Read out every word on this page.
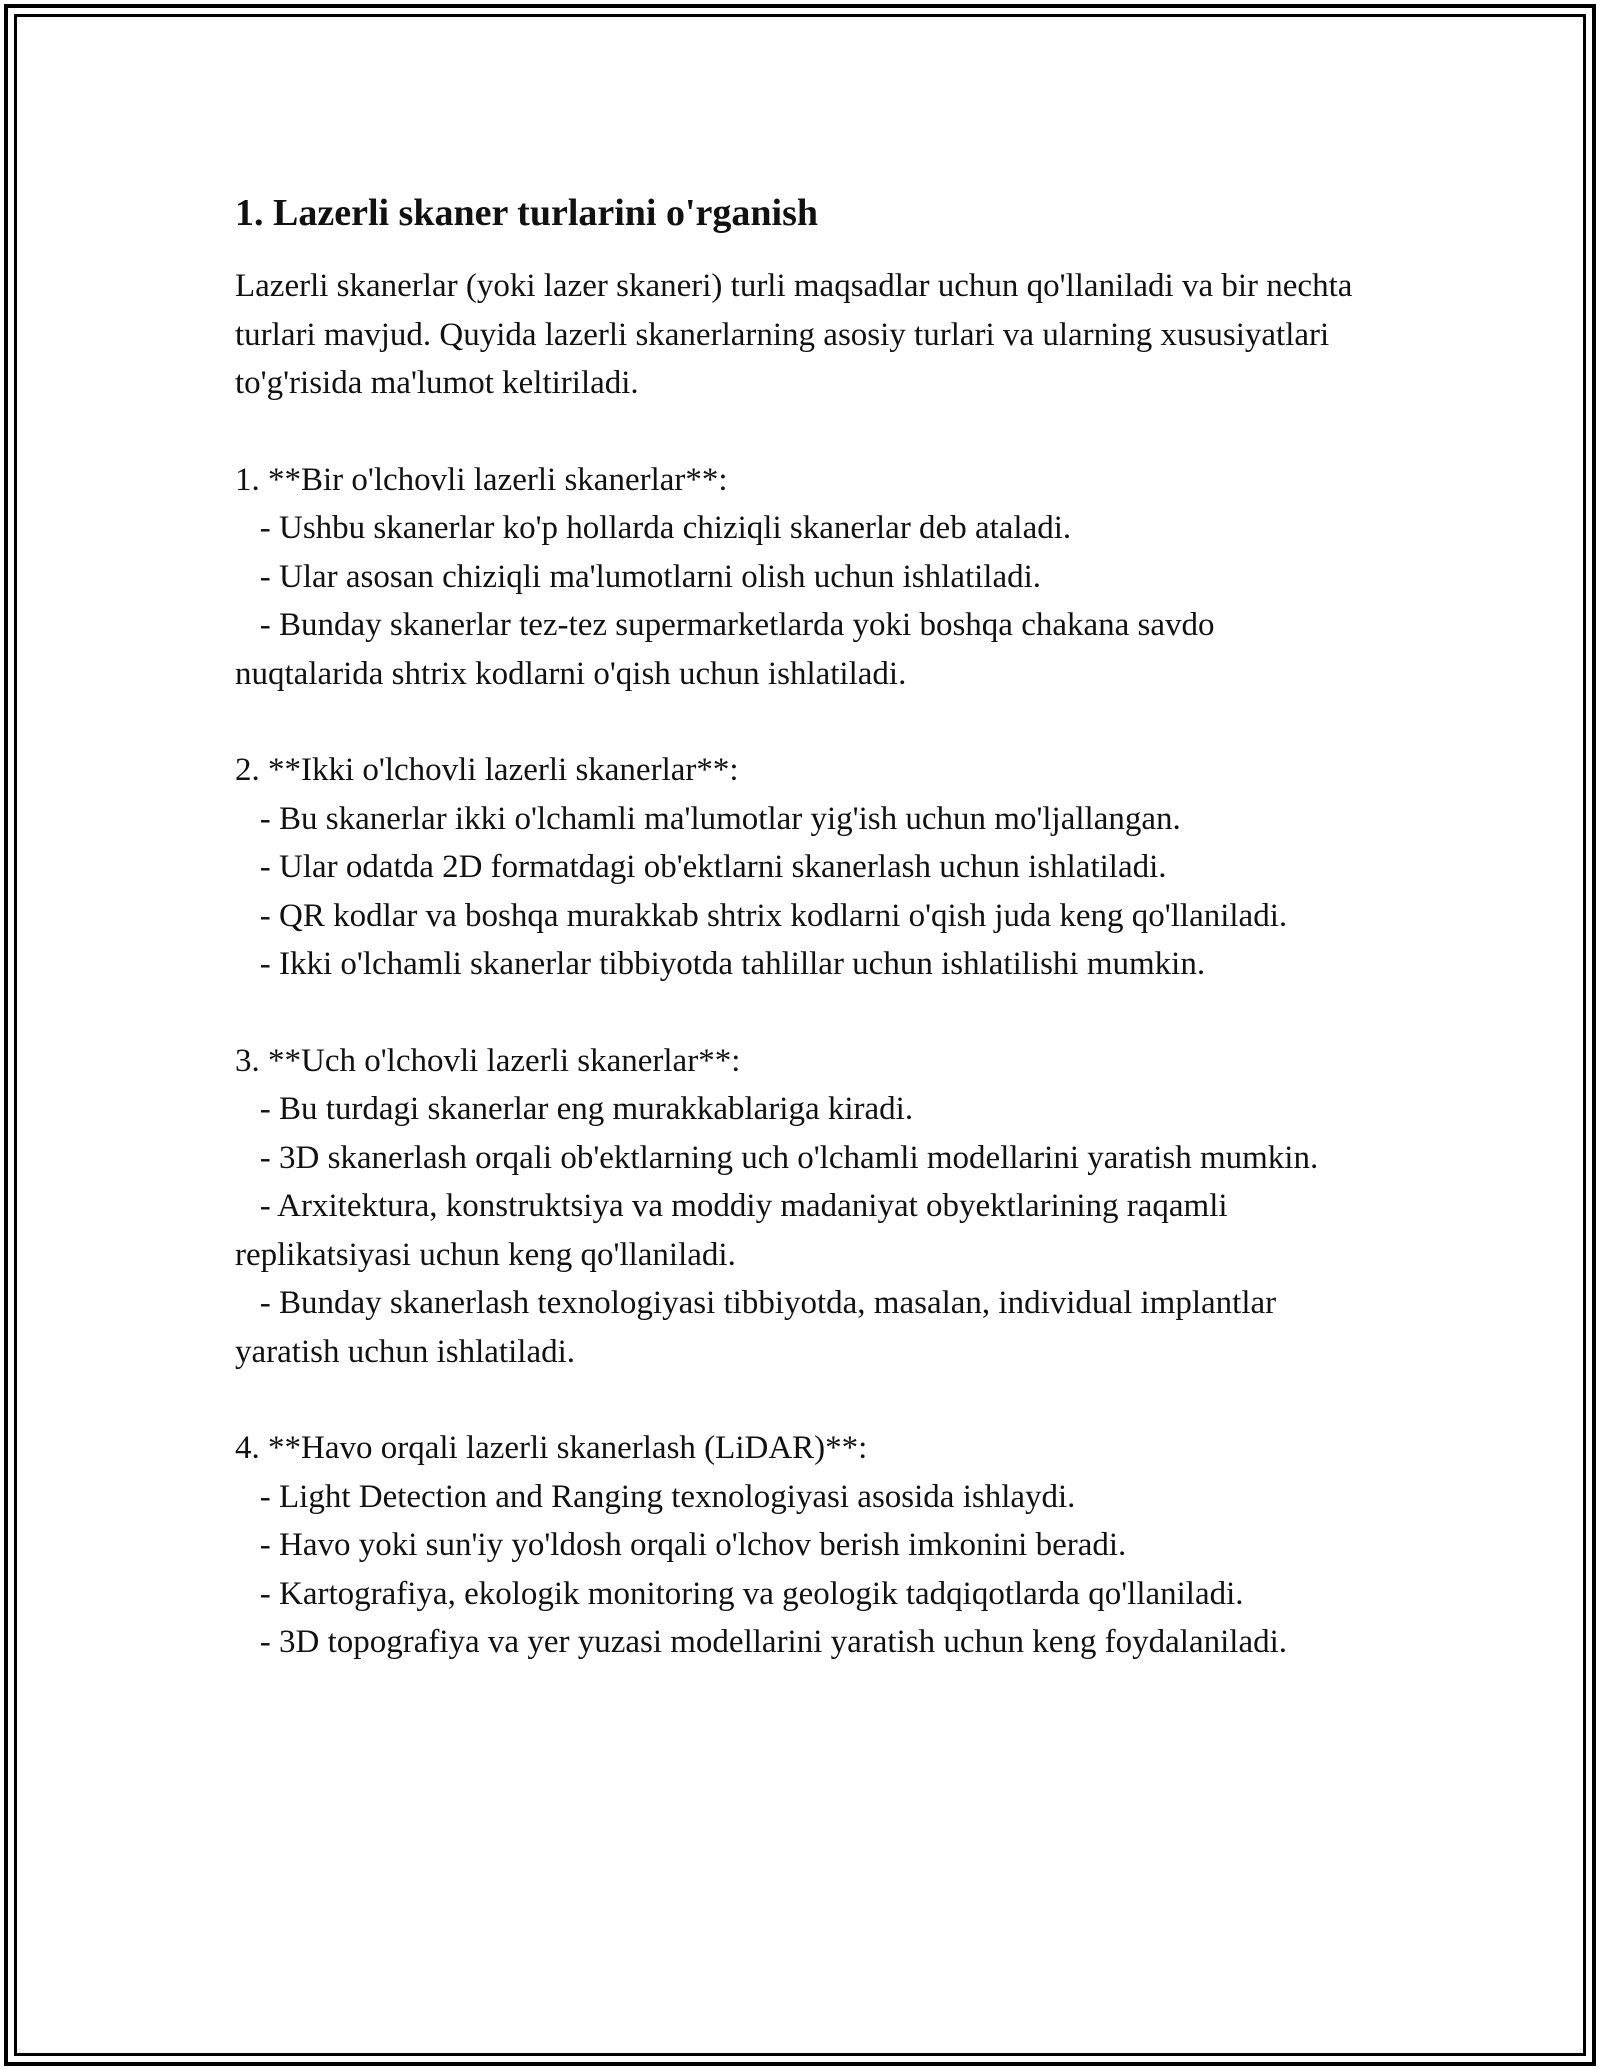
1. Lazerli skaner turlarini o'rganish

Lazerli skanerlar (yoki lazer skaneri) turli maqsadlar uchun qo'llaniladi va bir nechta turlari mavjud. Quyida lazerli skanerlarning asosiy turlari va ularning xususiyatlari to'g'risida ma'lumot keltiriladi.

1. **Bir o'lchovli lazerli skanerlar**:

- Ushbu skanerlar ko'p hollarda chiziqli skanerlar deb ataladi.

- Ular asosan chiziqli ma'lumotlarni olish uchun ishlatiladi.

- Bunday skanerlar tez-tez supermarketlarda yoki boshqa chakana savdo nuqtalarida shtrix kodlarni o'qish uchun ishlatiladi.

2. **Ikki o'lchovli lazerli skanerlar**:

- Bu skanerlar ikki o'lchamli ma'lumotlar yig'ish uchun mo'ljallangan.

- Ular odatda 2D formatdagi ob'ektlarni skanerlash uchun ishlatiladi.

- QR kodlar va boshqa murakkab shtrix kodlarni o'qish juda keng qo'llaniladi.

- Ikki o'lchamli skanerlar tibbiyotda tahlillar uchun ishlatilishi mumkin.

3. **Uch o'lchovli lazerli skanerlar**:

- Bu turdagi skanerlar eng murakkablariga kiradi.

- 3D skanerlash orqali ob'ektlarning uch o'lchamli modellarini yaratish mumkin.

- Arxitektura, konstruktsiya va moddiy madaniyat obyektlarining raqamli replikatsiyasi uchun keng qo'llaniladi.

- Bunday skanerlash texnologiyasi tibbiyotda, masalan, individual implantlar yaratish uchun ishlatiladi.

4. **Havo orqali lazerli skanerlash (LiDAR)**:

- Light Detection and Ranging texnologiyasi asosida ishlaydi.

- Havo yoki sun'iy yo'ldosh orqali o'lchov berish imkonini beradi.

- Kartografiya, ekologik monitoring va geologik tadqiqotlarda qo'llaniladi.

- 3D topografiya va yer yuzasi modellarini yaratish uchun keng foydalaniladi.
